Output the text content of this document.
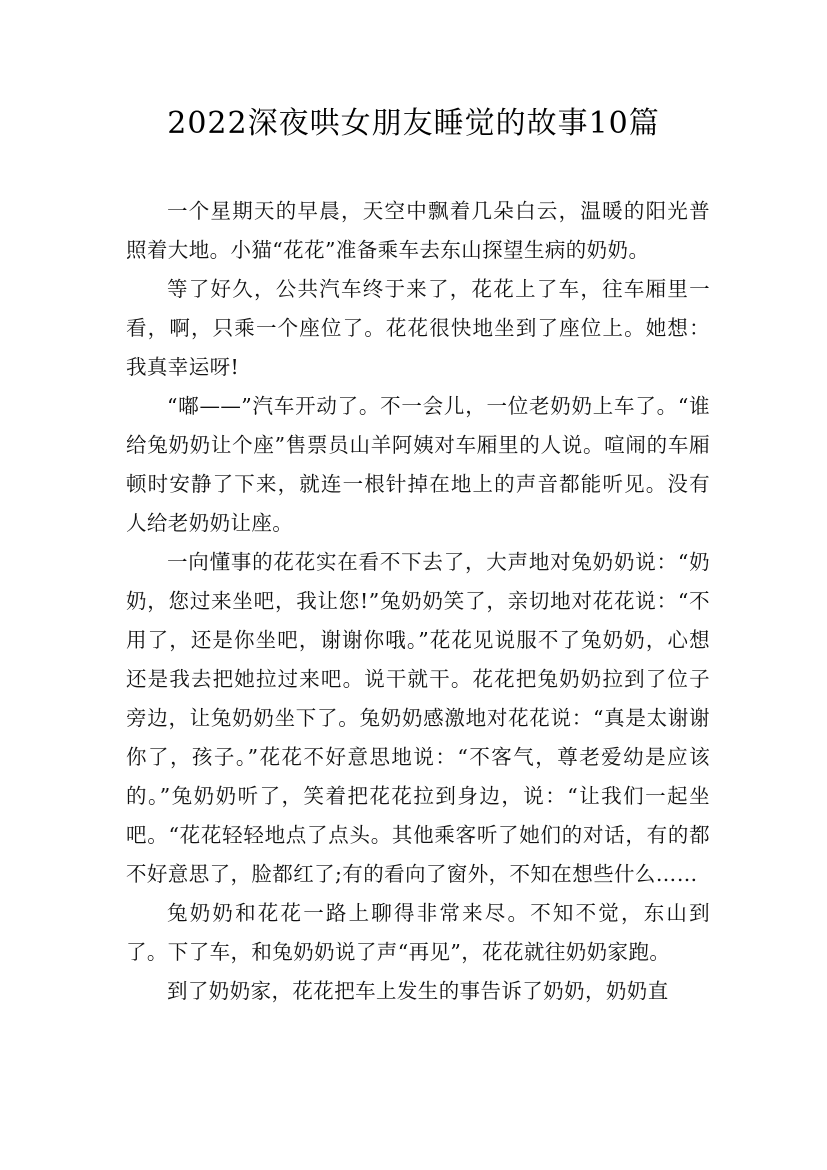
2022深夜哄女朋友睡觉的故事10篇

一个星期天的早晨，天空中飘着几朵白云，温暖的阳光普照着大地。小猫“花花”准备乘车去东山探望生病的奶奶。

等了好久，公共汽车终于来了，花花上了车，往车厢里一看，啊，只乘一个座位了。花花很快地坐到了座位上。她想：我真幸运呀!

“嘟——”汽车开动了。不一会儿，一位老奶奶上车了。“谁给兔奶奶让个座”售票员山羊阿姨对车厢里的人说。喧闹的车厢顿时安静了下来，就连一根针掉在地上的声音都能听见。没有人给老奶奶让座。

一向懂事的花花实在看不下去了，大声地对兔奶奶说：“奶奶，您过来坐吧，我让您!”兔奶奶笑了，亲切地对花花说：“不用了，还是你坐吧，谢谢你哦。”花花见说服不了兔奶奶，心想还是我去把她拉过来吧。说干就干。花花把兔奶奶拉到了位子旁边，让兔奶奶坐下了。兔奶奶感激地对花花说：“真是太谢谢你了，孩子。”花花不好意思地说：“不客气，尊老爱幼是应该的。”兔奶奶听了，笑着把花花拉到身边，说：“让我们一起坐吧。“花花轻轻地点了点头。其他乘客听了她们的对话，有的都不好意思了，脸都红了;有的看向了窗外，不知在想些什么……

兔奶奶和花花一路上聊得非常来尽。不知不觉，东山到了。下了车，和兔奶奶说了声“再见”，花花就往奶奶家跑。

到了奶奶家，花花把车上发生的事告诉了奶奶，奶奶直
